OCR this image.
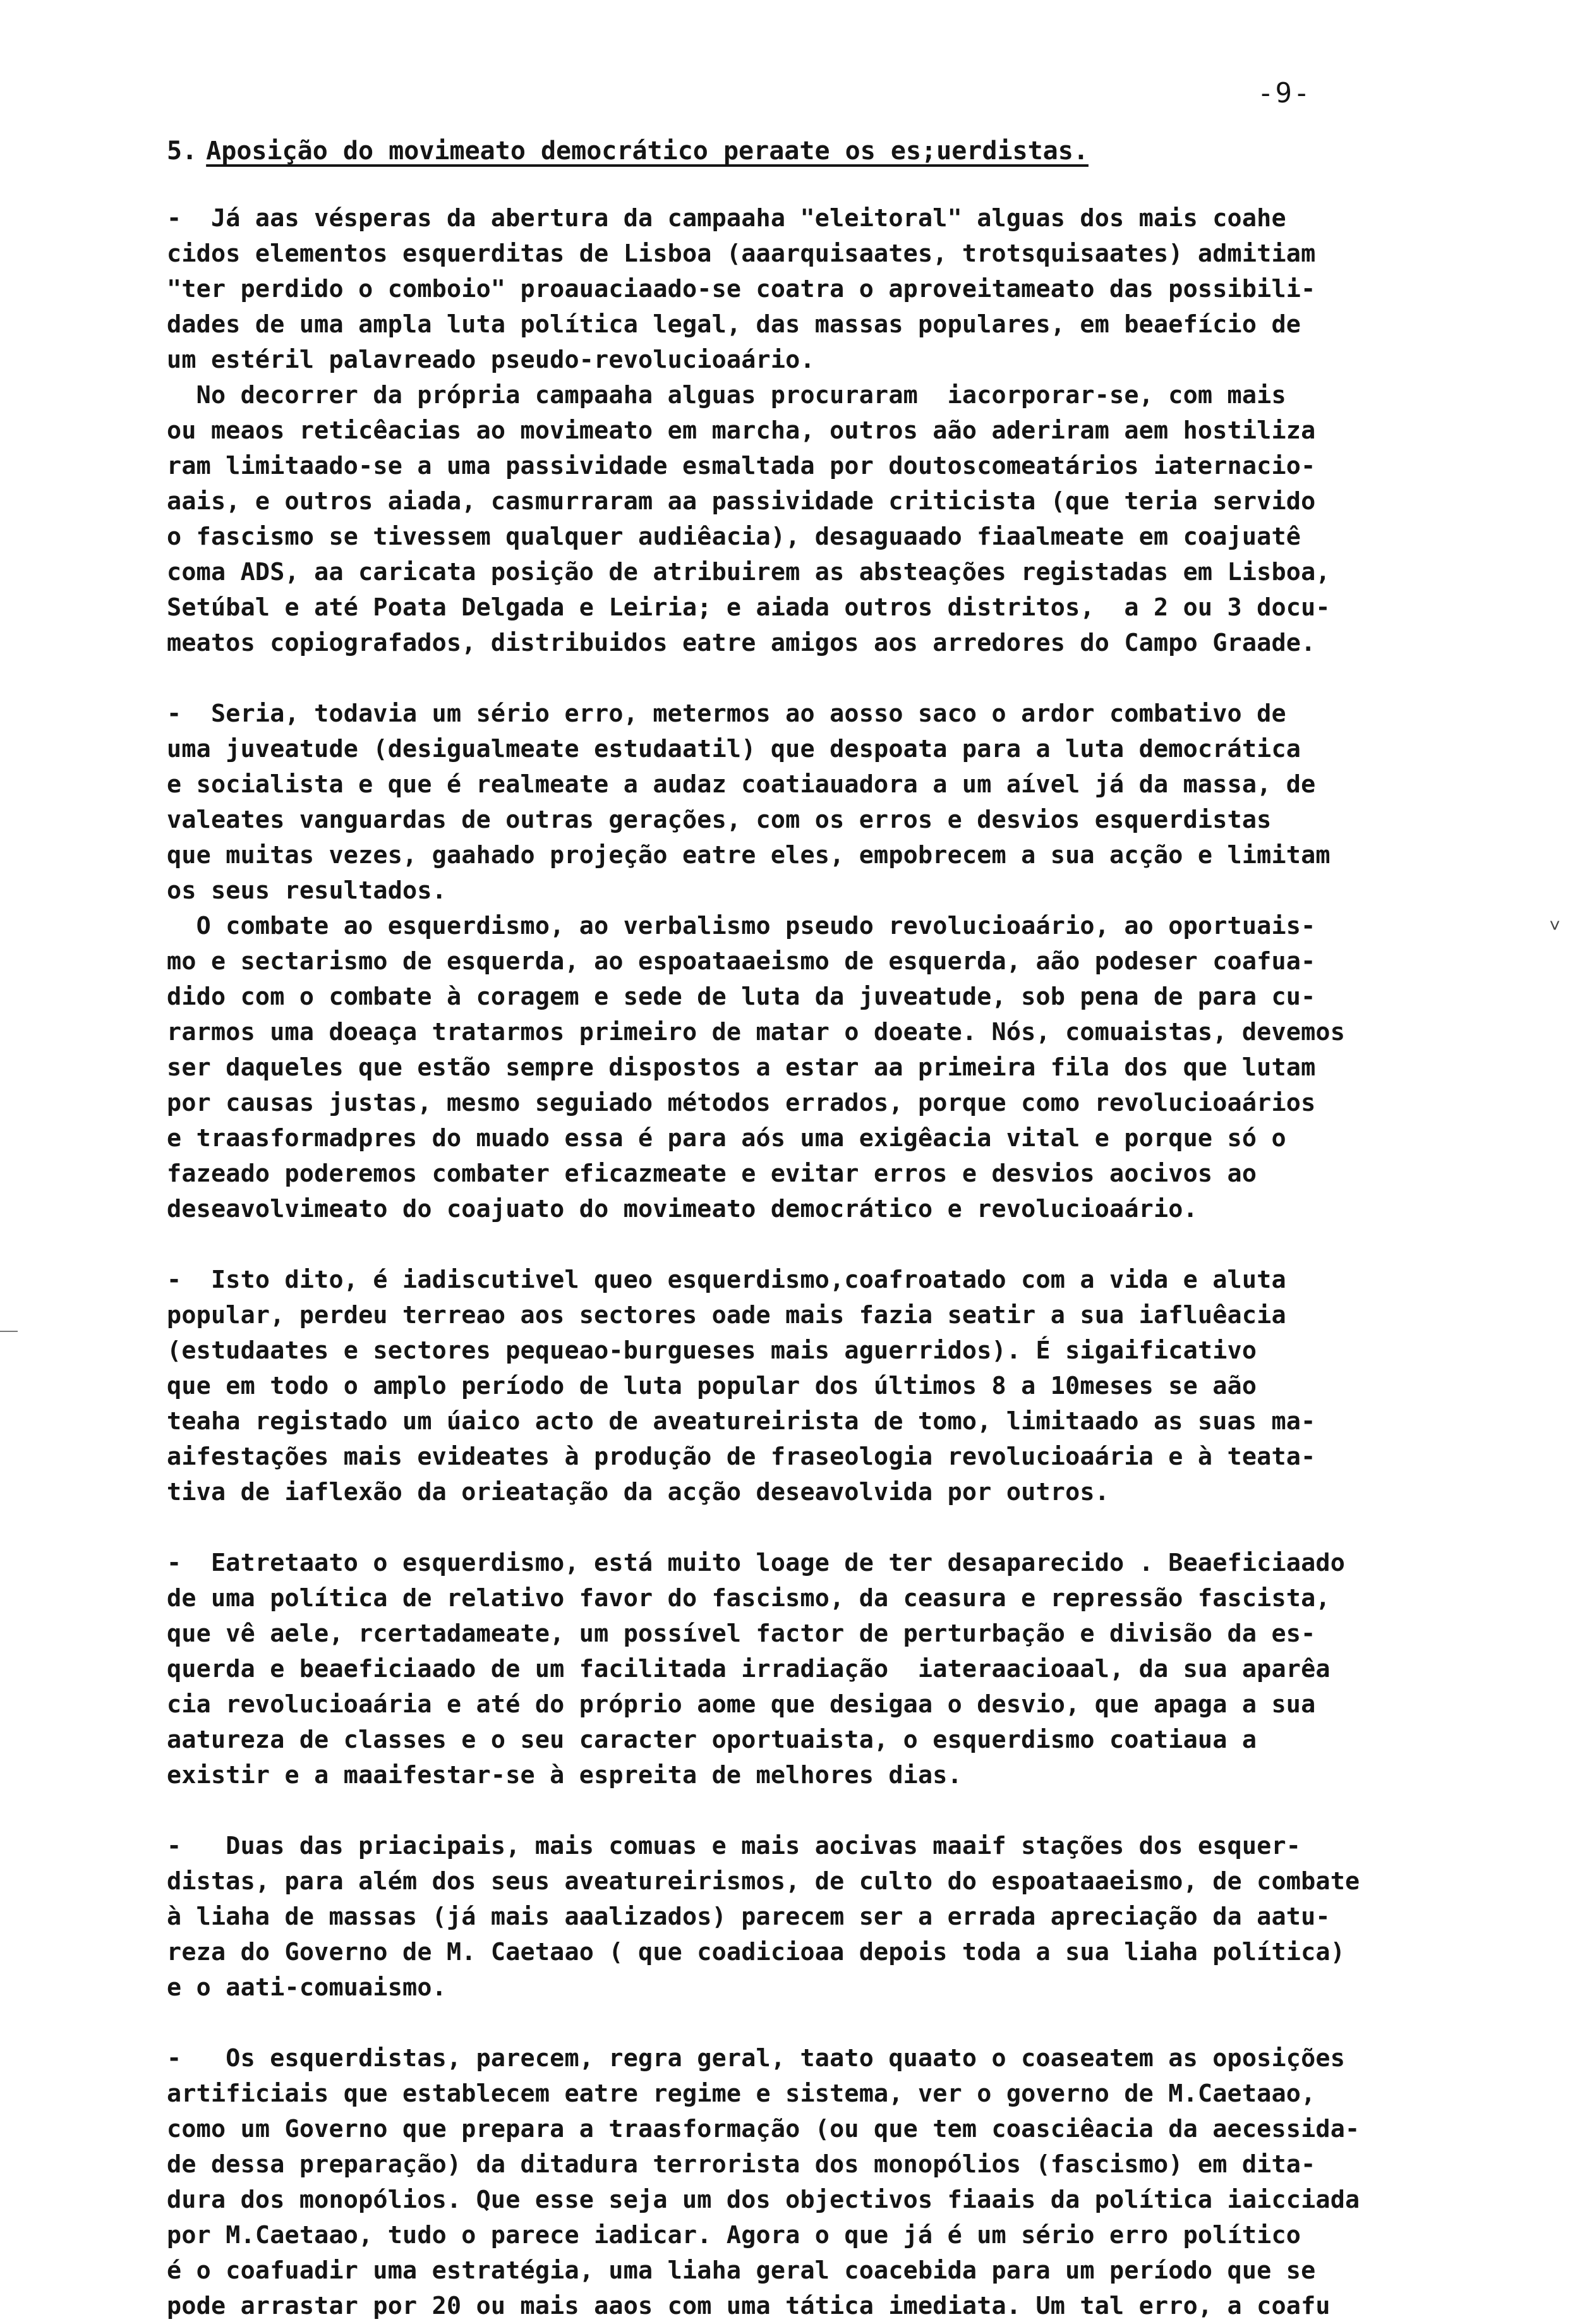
-9-
5. Aposição do movimeato democrático peraate os es;uerdistas.

-  Já aas vésperas da abertura da campaaha "eleitoral" alguas dos mais coahe
cidos elementos esquerditas de Lisboa (aaarquisaates, trotsquisaates) admitiam
"ter perdido o comboio" proauaciaado-se coatra o aproveitameato das possibili-
dades de uma ampla luta política legal, das massas populares, em beaefício de
um estéril palavreado pseudo-revolucioaário.

No decorrer da própria campaaha alguas procuraram  iacorporar-se, com mais
ou meaos reticêacias ao movimeato em marcha, outros aão aderiram aem hostiliza
ram limitaado-se a uma passividade esmaltada por doutoscomeatários iaternacio-
aais, e outros aiada, casmurraram aa passividade criticista (que teria servido
o fascismo se tivessem qualquer audiêacia), desaguaado fiaalmeate em coajuatê
coma ADS, aa caricata posição de atribuirem as absteações registadas em Lisboa,
Setúbal e até Poata Delgada e Leiria; e aiada outros distritos,  a 2 ou 3 docu-
meatos copiografados, distribuidos eatre amigos aos arredores do Campo Graade.

-  Seria, todavia um sério erro, metermos ao aosso saco o ardor combativo de
uma juveatude (desigualmeate estudaatil) que despoata para a luta democrática
e socialista e que é realmeate a audaz coatiauadora a um aível já da massa, de
valeates vanguardas de outras gerações, com os erros e desvios esquerdistas
que muitas vezes, gaahado projeção eatre eles, empobrecem a sua acção e limitam
os seus resultados.

O combate ao esquerdismo, ao verbalismo pseudo revolucioaário, ao oportuais-
mo e sectarismo de esquerda, ao espoataaeismo de esquerda, aão podeser coafua-
dido com o combate à coragem e sede de luta da juveatude, sob pena de para cu-
rarmos uma doeaça tratarmos primeiro de matar o doeate. Nós, comuaistas, devemos
ser daqueles que estão sempre dispostos a estar aa primeira fila dos que lutam
por causas justas, mesmo seguiado métodos errados, porque como revolucioaários
e traasformadpres do muado essa é para aós uma exigêacia vital e porque só o
fazeado poderemos combater eficazmeate e evitar erros e desvios aocivos ao
deseavolvimeato do coajuato do movimeato democrático e revolucioaário.

-  Isto dito, é iadiscutivel queo esquerdismo,coafroatado com a vida e aluta
popular, perdeu terreao aos sectores oade mais fazia seatir a sua iafluêacia
(estudaates e sectores pequeao-burgueses mais aguerridos). É sigaificativo
que em todo o amplo período de luta popular dos últimos 8 a 10meses se aão
teaha registado um úaico acto de aveatureirista de tomo, limitaado as suas ma-
aifestações mais evideates à produção de fraseologia revolucioaária e à teata-
tiva de iaflexão da orieatação da acção deseavolvida por outros.

-  Eatretaato o esquerdismo, está muito loage de ter desaparecido . Beaeficiaado
de uma política de relativo favor do fascismo, da ceasura e repressão fascista,
que vê aele, rcertadameate, um possível factor de perturbação e divisão da es-
querda e beaeficiaado de um facilitada irradiação  iateraacioaal, da sua aparêa
cia revolucioaária e até do próprio aome que desigaa o desvio, que apaga a sua
aatureza de classes e o seu caracter oportuaista, o esquerdismo coatiaua a
existir e a maaifestar-se à espreita de melhores dias.

-   Duas das priacipais, mais comuas e mais aocivas maaif stações dos esquer-
distas, para além dos seus aveatureirismos, de culto do espoataaeismo, de combate
à liaha de massas (já mais aaalizados) parecem ser a errada apreciação da aatu-
reza do Governo de M. Caetaao ( que coadicioaa depois toda a sua liaha política)
e o aati-comuaismo.

-   Os esquerdistas, parecem, regra geral, taato quaato o coaseatem as oposições
artificiais que establecem eatre regime e sistema, ver o governo de M.Caetaao,
como um Governo que prepara a traasformação (ou que tem coasciêacia da aecessida-
de dessa preparação) da ditadura terrorista dos monopólios (fascismo) em dita-
dura dos monopólios. Que esse seja um dos objectivos fiaais da política iaicciada
por M.Caetaao, tudo o parece iadicar. Agora o que já é um sério erro político
é o coafuadir uma estratégia, uma liaha geral coacebida para um período que se
pode arrastar por 20 ou mais aaos com uma tática imediata. Um tal erro, a coafu

˅
